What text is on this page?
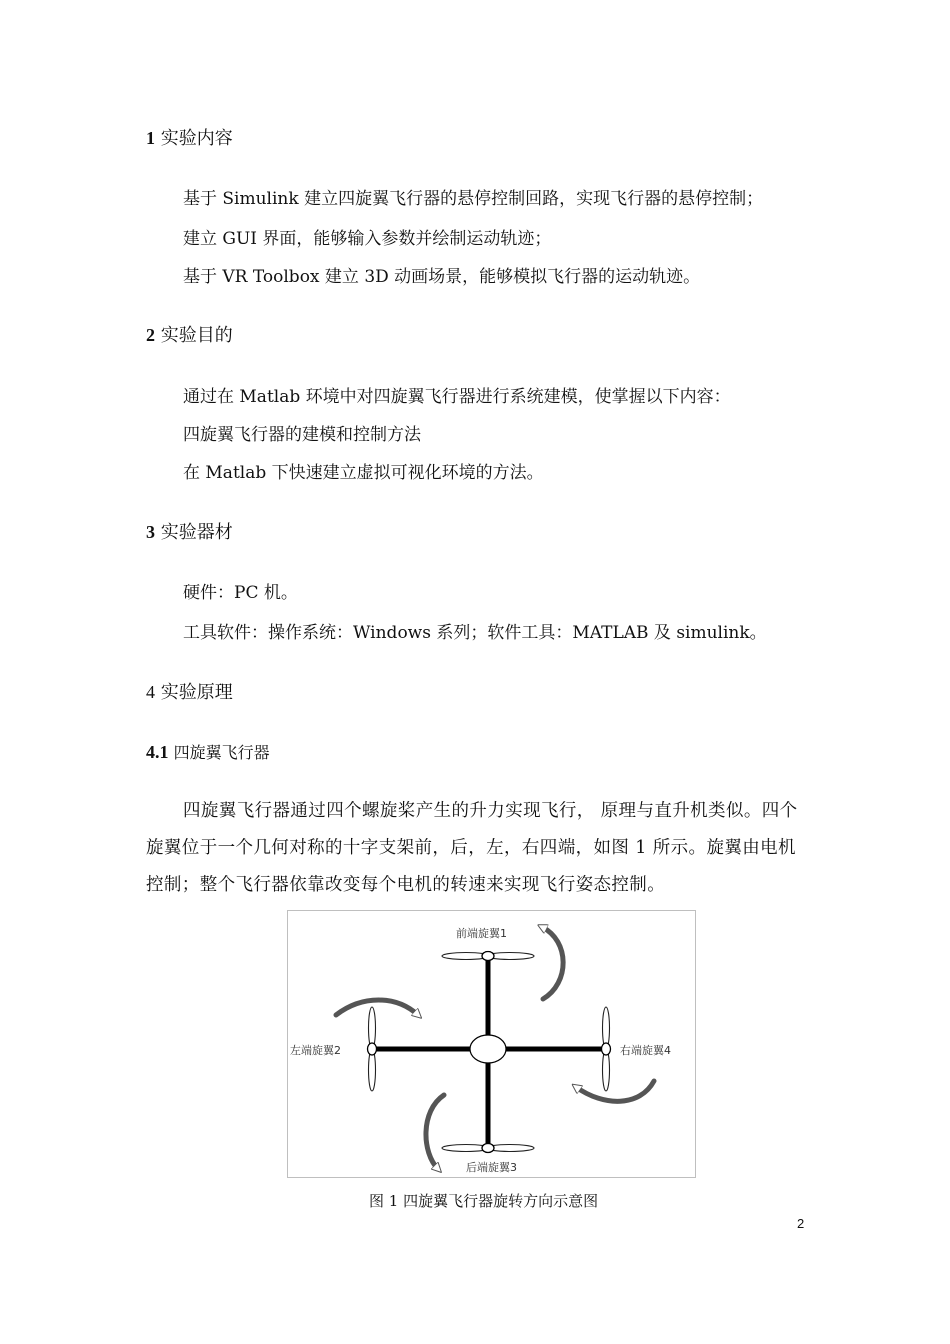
1 实验内容
基于 Simulink 建立四旋翼飞行器的悬停控制回路，实现飞行器的悬停控制；
建立 GUI 界面，能够输入参数并绘制运动轨迹；
基于 VR Toolbox 建立 3D 动画场景，能够模拟飞行器的运动轨迹。
2 实验目的
通过在 Matlab 环境中对四旋翼飞行器进行系统建模，使掌握以下内容：
四旋翼飞行器的建模和控制方法
在 Matlab 下快速建立虚拟可视化环境的方法。
3 实验器材
硬件：PC 机。
工具软件：操作系统：Windows 系列；软件工具：MATLAB 及 simulink。
4 实验原理
4.1 四旋翼飞行器
四旋翼飞行器通过四个螺旋桨产生的升力实现飞行， 原理与直升机类似。四个旋翼位于一个几何对称的十字支架前，后，左，右四端，如图 1 所示。旋翼由电机控制；整个飞行器依靠改变每个电机的转速来实现飞行姿态控制。
前端旋翼1
左端旋翼2	右端旋翼4
后端旋翼3
图 1 四旋翼飞行器旋转方向示意图
2
